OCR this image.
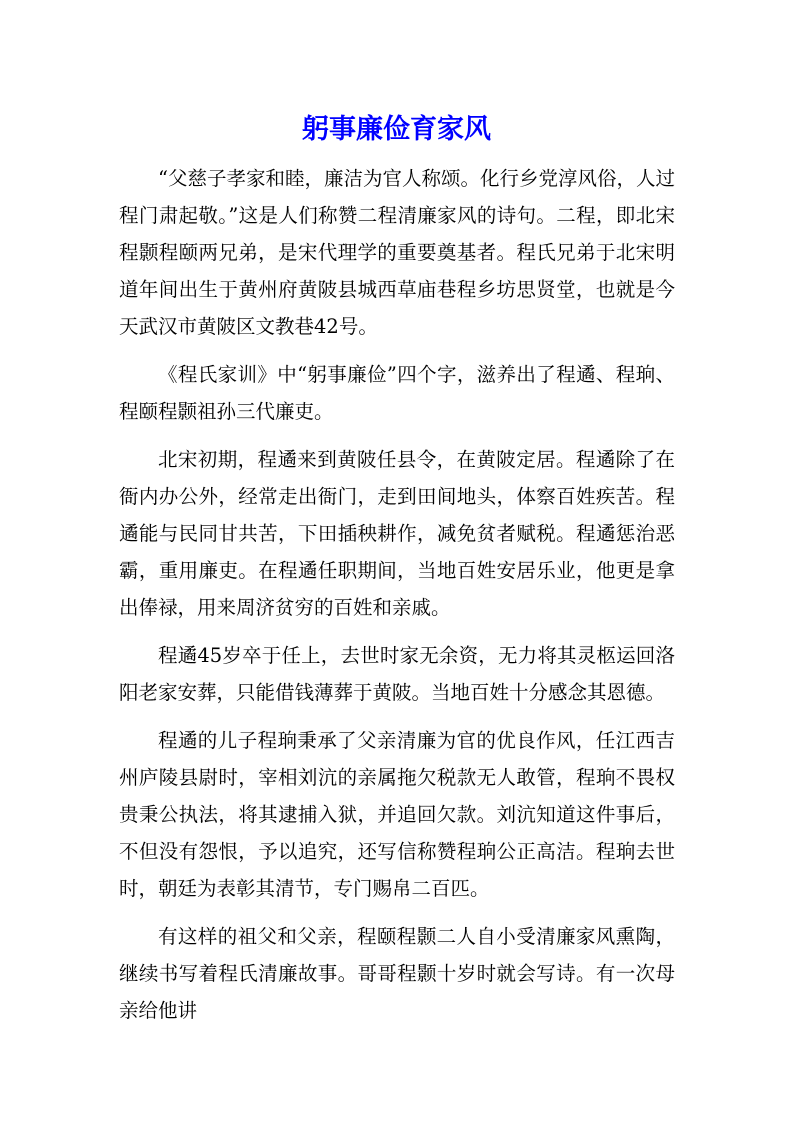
躬事廉俭育家风

“父慈子孝家和睦，廉洁为官人称颂。化行乡党淳风俗，人过程门肃起敬。”这是人们称赞二程清廉家风的诗句。二程，即北宋程颢程颐两兄弟，是宋代理学的重要奠基者。程氏兄弟于北宋明道年间出生于黄州府黄陂县城西草庙巷程乡坊思贤堂，也就是今天武汉市黄陂区文教巷42号。

《程氏家训》中“躬事廉俭”四个字，滋养出了程遹、程珦、程颐程颢祖孙三代廉吏。

北宋初期，程遹来到黄陂任县令，在黄陂定居。程遹除了在衙内办公外，经常走出衙门，走到田间地头，体察百姓疾苦。程遹能与民同甘共苦，下田插秧耕作，减免贫者赋税。程遹惩治恶霸，重用廉吏。在程遹任职期间，当地百姓安居乐业，他更是拿出俸禄，用来周济贫穷的百姓和亲戚。

程遹45岁卒于任上，去世时家无余资，无力将其灵柩运回洛阳老家安葬，只能借钱薄葬于黄陂。当地百姓十分感念其恩德。

程遹的儿子程珦秉承了父亲清廉为官的优良作风，任江西吉州庐陵县尉时，宰相刘沆的亲属拖欠税款无人敢管，程珦不畏权贵秉公执法，将其逮捕入狱，并追回欠款。刘沆知道这件事后，不但没有怨恨，予以追究，还写信称赞程珦公正高洁。程珦去世时，朝廷为表彰其清节，专门赐帛二百匹。

有这样的祖父和父亲，程颐程颢二人自小受清廉家风熏陶，继续书写着程氏清廉故事。哥哥程颢十岁时就会写诗。有一次母亲给他讲
